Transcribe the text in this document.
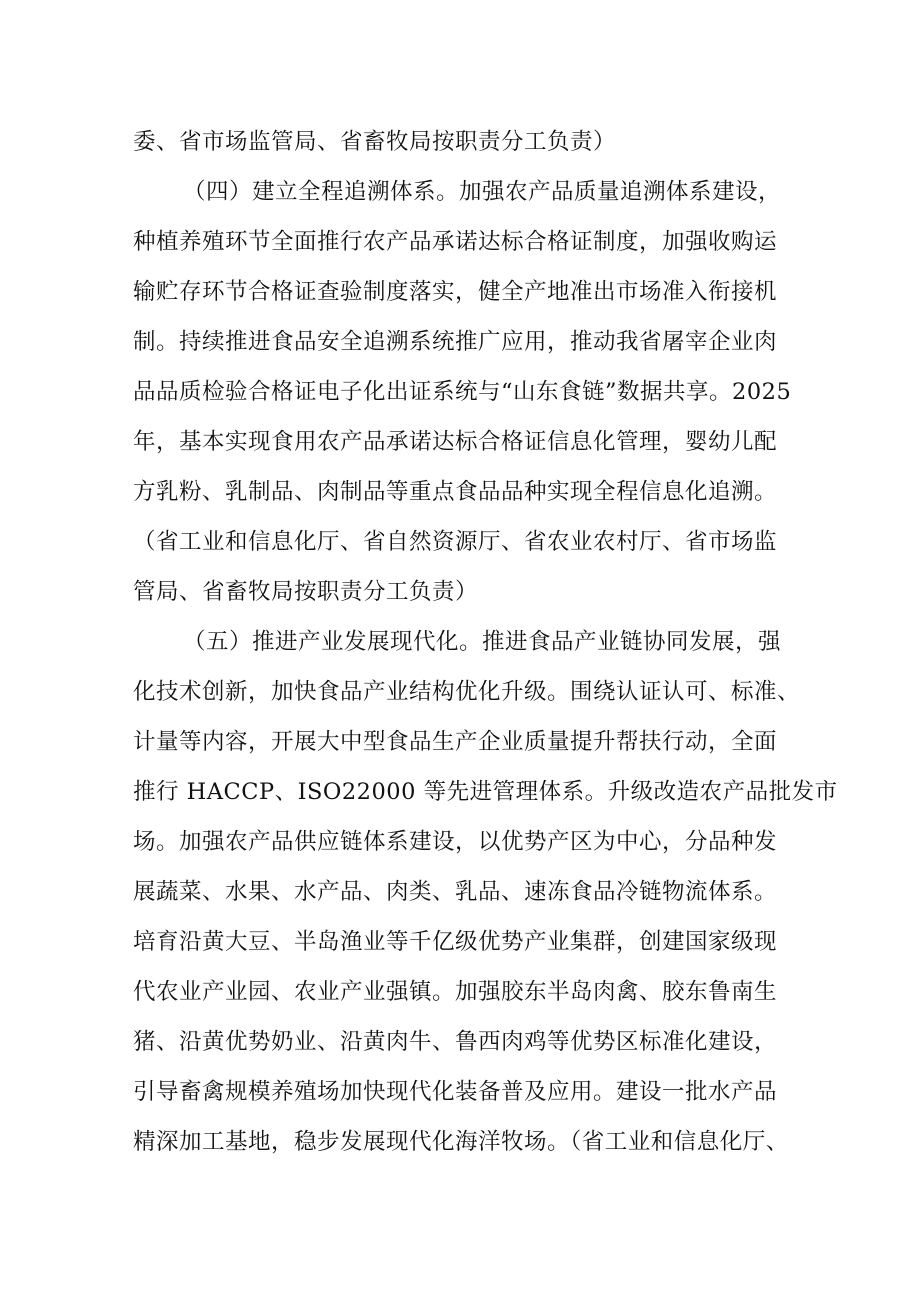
委、省市场监管局、省畜牧局按职责分工负责）
（四）建立全程追溯体系。加强农产品质量追溯体系建设，
种植养殖环节全面推行农产品承诺达标合格证制度，加强收购运
输贮存环节合格证查验制度落实，健全产地准出市场准入衔接机
制。持续推进食品安全追溯系统推广应用，推动我省屠宰企业肉
品品质检验合格证电子化出证系统与“山东食链”数据共享。2025
年，基本实现食用农产品承诺达标合格证信息化管理，婴幼儿配
方乳粉、乳制品、肉制品等重点食品品种实现全程信息化追溯。
（省工业和信息化厅、省自然资源厅、省农业农村厅、省市场监
管局、省畜牧局按职责分工负责）
（五）推进产业发展现代化。推进食品产业链协同发展，强
化技术创新，加快食品产业结构优化升级。围绕认证认可、标准、
计量等内容，开展大中型食品生产企业质量提升帮扶行动，全面
推行 HACCP、ISO22000 等先进管理体系。升级改造农产品批发市
场。加强农产品供应链体系建设，以优势产区为中心，分品种发
展蔬菜、水果、水产品、肉类、乳品、速冻食品冷链物流体系。
培育沿黄大豆、半岛渔业等千亿级优势产业集群，创建国家级现
代农业产业园、农业产业强镇。加强胶东半岛肉禽、胶东鲁南生
猪、沿黄优势奶业、沿黄肉牛、鲁西肉鸡等优势区标准化建设，
引导畜禽规模养殖场加快现代化装备普及应用。建设一批水产品
精深加工基地，稳步发展现代化海洋牧场。（省工业和信息化厅、
